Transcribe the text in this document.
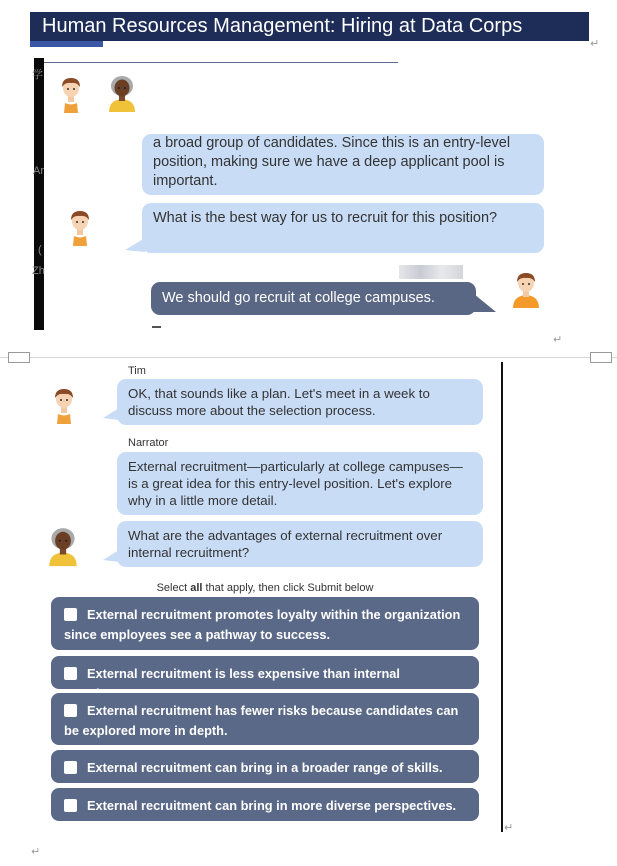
Human Resources Management: Hiring at Data Corps
↵
学
Ar
(
Zh
a broad group of candidates. Since this is an entry-level position, making sure we have a deep applicant pool is important.
What is the best way for us to recruit for this position?
We should go recruit at college campuses.
↵
Tim
OK, that sounds like a plan. Let's meet in a week to discuss more about the selection process.
Narrator
External recruitment—particularly at college campuses—is a great idea for this entry-level position. Let's explore why in a little more detail.
What are the advantages of external recruitment over internal recruitment?
Select all that apply, then click Submit below
External recruitment promotes loyalty within the organization since employees see a pathway to success.
External recruitment is less expensive than internal
External recruitment has fewer risks because candidates can be explored more in depth.
External recruitment can bring in a broader range of skills.
External recruitment can bring in more diverse perspectives.
↵
↵
